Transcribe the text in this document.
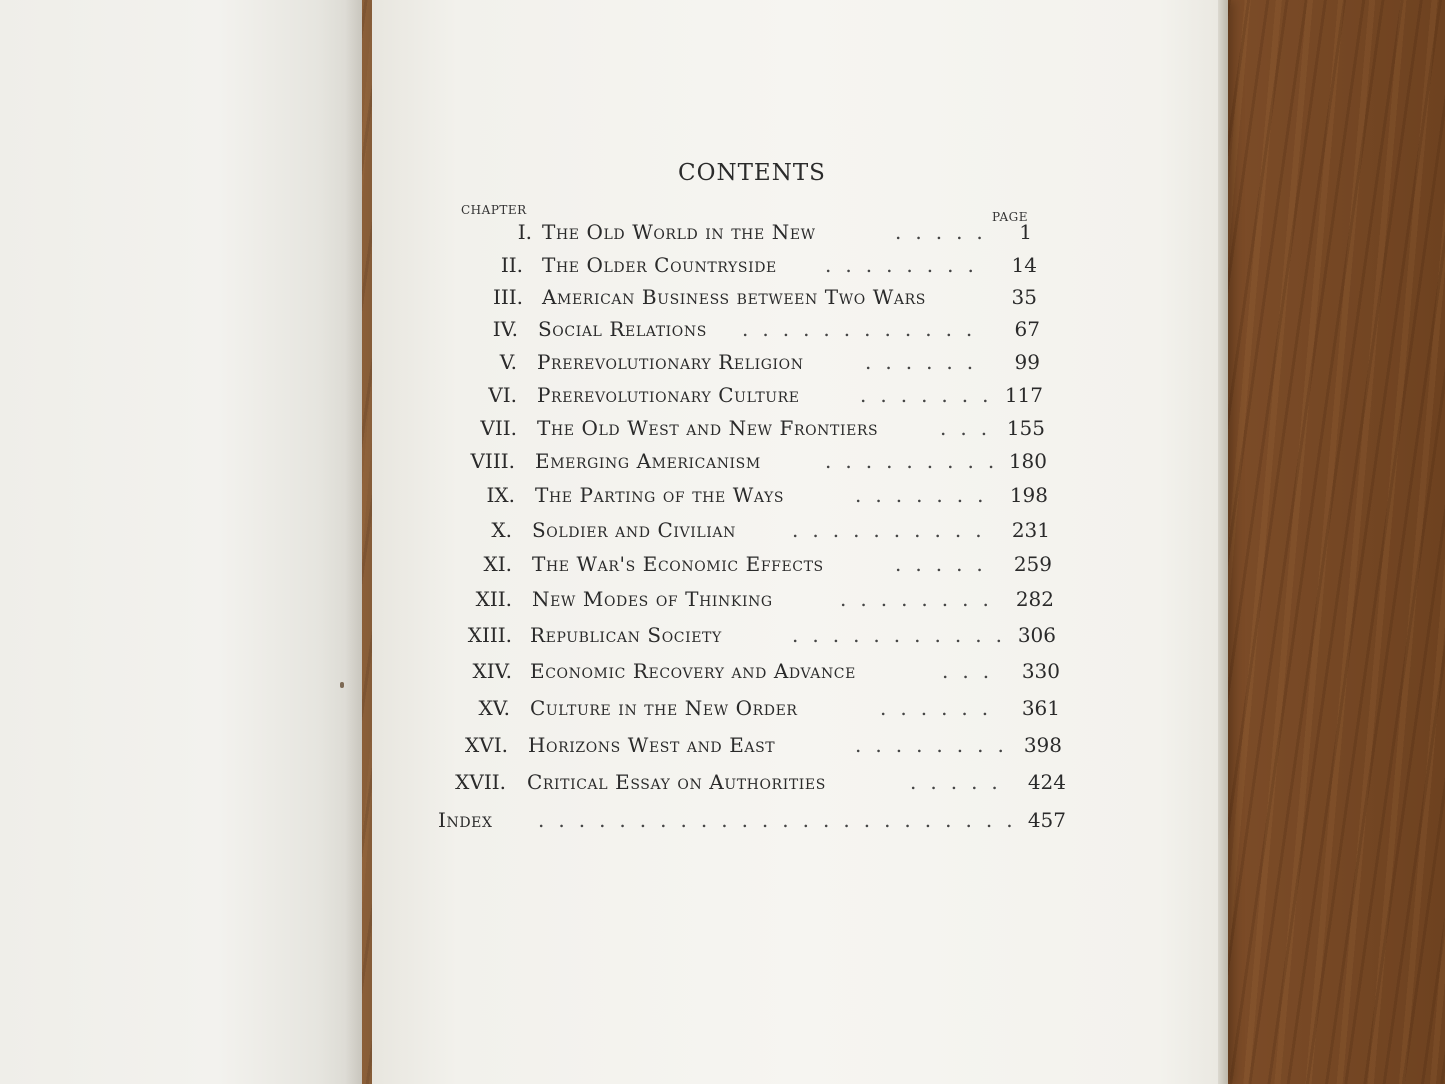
CONTENTS
CHAPTER	PAGE
I. The Old World in the New	..... 1
II. The Older Countryside ........ 14
III. American Business between Two Wars	35
IV. Social Relations ............ 67
V. Prerevolutionary Religion	...... 99
VI. Prerevolutionary Culture	....... 117
VII. The Old West and New Frontiers	... 155
VIII. Emerging Americanism	......... 180
IX. The Parting of the Ways	....... 198
X. Soldier and Civilian	.......... 231
XI. The War's Economic Effects	..... 259
XII. New Modes of Thinking	........ 282
XIII. Republican Society	........... 306
XIV. Economic Recovery and Advance	... 330
XV. Culture in the New Order	...... 361
XVI. Horizons West and East	........ 398
XVII. Critical Essay on Authorities	..... 424
Index ........................ 457
